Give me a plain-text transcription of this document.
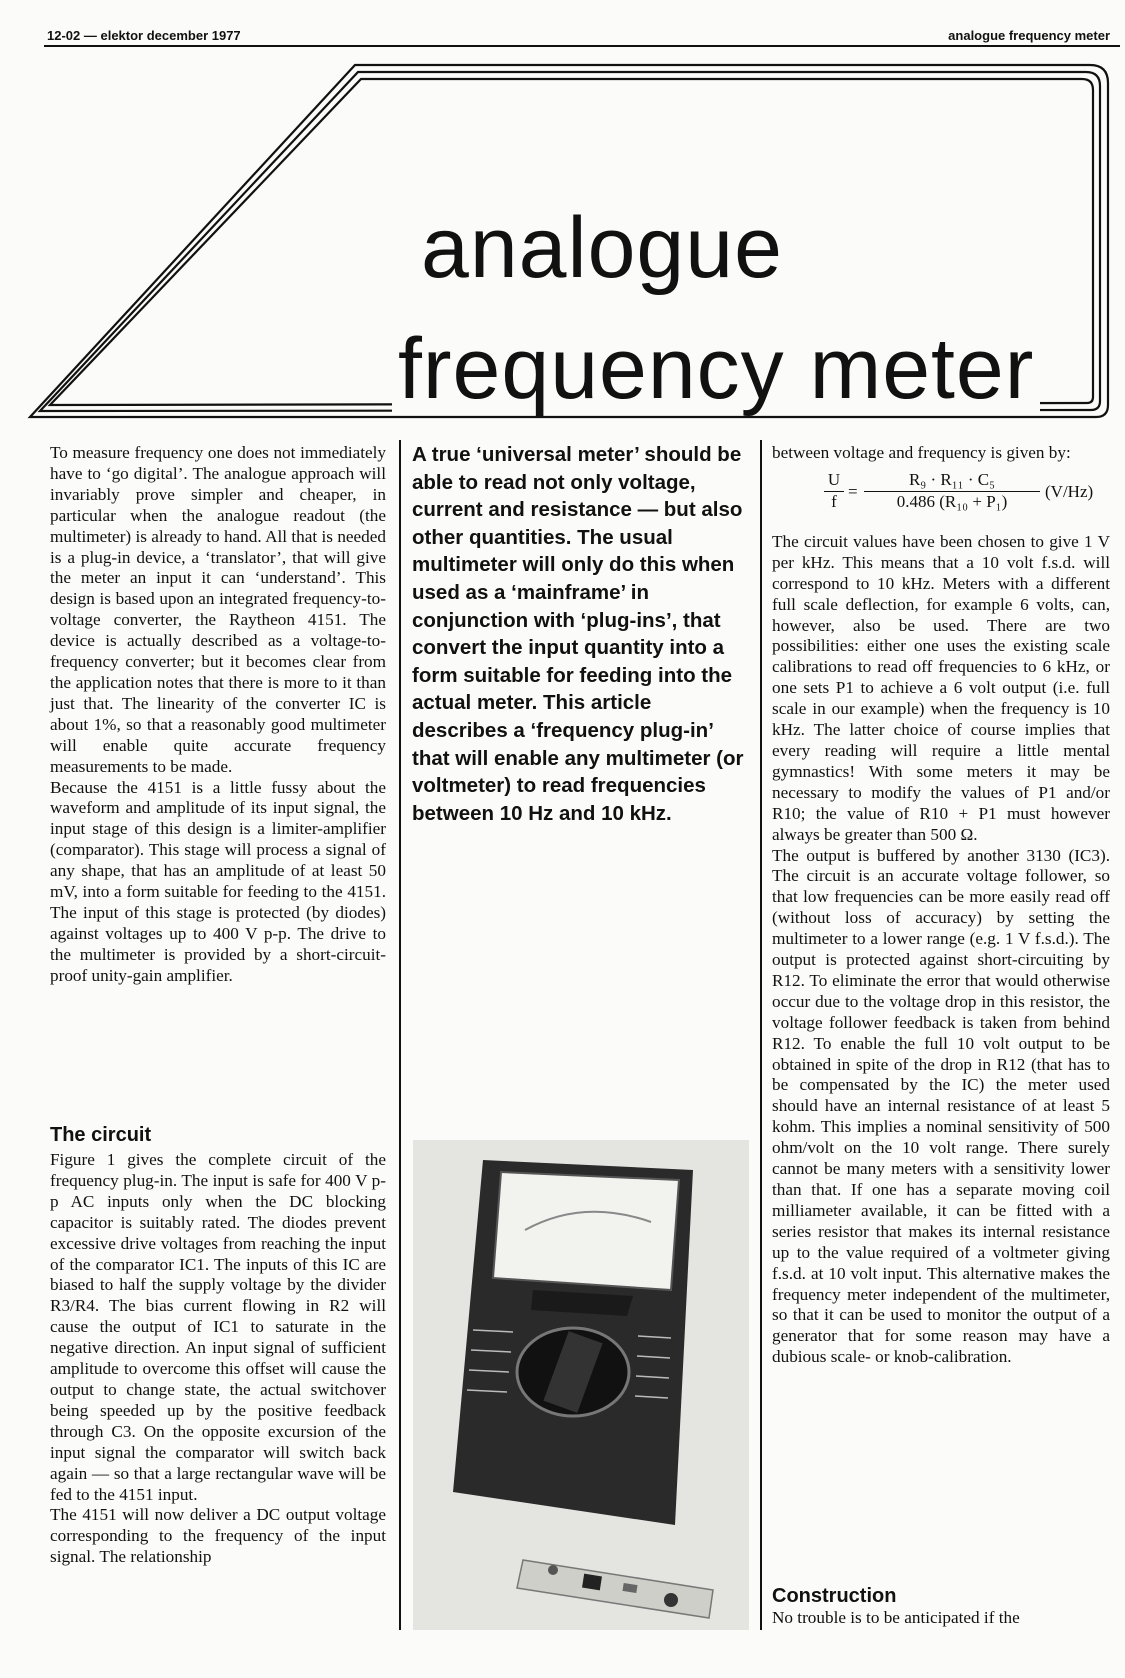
12-02 — elektor december 1977	analogue frequency meter
analogue
frequency meter

To measure frequency one does not immediately have to ‘go digital’. The analogue approach will invariably prove simpler and cheaper, in particular when the analogue readout (the multimeter) is already to hand. All that is needed is a plug-in device, a ‘translator’, that will give the meter an input it can ‘understand’. This design is based upon an integrated frequency-to-voltage converter, the Raytheon 4151. The device is actually described as a voltage-to-frequency converter; but it becomes clear from the application notes that there is more to it than just that. The linearity of the converter IC is about 1%, so that a reasonably good multimeter will enable quite accurate frequency measurements to be made.

Because the 4151 is a little fussy about the waveform and amplitude of its input signal, the input stage of this design is a limiter-amplifier (comparator). This stage will process a signal of any shape, that has an amplitude of at least 50 mV, into a form suitable for feeding to the 4151. The input of this stage is protected (by diodes) against voltages up to 400 V p-p. The drive to the multimeter is provided by a short-circuit-proof unity-gain amplifier.

The circuit

Figure 1 gives the complete circuit of the frequency plug-in. The input is safe for 400 V p-p AC inputs only when the DC blocking capacitor is suitably rated. The diodes prevent excessive drive voltages from reaching the input of the comparator IC1. The inputs of this IC are biased to half the supply voltage by the divider R3/R4. The bias current flowing in R2 will cause the output of IC1 to saturate in the negative direction. An input signal of sufficient amplitude to overcome this offset will cause the output to change state, the actual switchover being speeded up by the positive feedback through C3. On the opposite excursion of the input signal the comparator will switch back again — so that a large rectangular wave will be fed to the 4151 input.

The 4151 will now deliver a DC output voltage corresponding to the frequency of the input signal. The relationship

A true ‘universal meter’ should be able to read not only voltage, current and resistance — but also other quantities. The usual multimeter will only do this when used as a ‘mainframe’ in conjunction with ‘plug-ins’, that convert the input quantity into a form suitable for feeding into the actual meter. This article describes a ‘frequency plug-in’ that will enable any multimeter (or voltmeter) to read frequencies between 10 Hz and 10 kHz.

between voltage and frequency is given by:

$\frac{U}{f} = \frac{\text{R₉ · R₁₁ · C₅}}{\text{0.486 (R₁₀ + P₁)}} (V/Hz)$

The circuit values have been chosen to give 1 V per kHz. This means that a 10 volt f.s.d. will correspond to 10 kHz. Meters with a different full scale deflection, for example 6 volts, can, however, also be used. There are two possibilities: either one uses the existing scale calibrations to read off frequencies to 6 kHz, or one sets P1 to achieve a 6 volt output (i.e. full scale in our example) when the frequency is 10 kHz. The latter choice of course implies that every reading will require a little mental gymnastics! With some meters it may be necessary to modify the values of P1 and/or R10; the value of R10 + P1 must however always be greater than 500 Ω.

The output is buffered by another 3130 (IC3). The circuit is an accurate voltage follower, so that low frequencies can be more easily read off (without loss of accuracy) by setting the multimeter to a lower range (e.g. 1 V f.s.d.). The output is protected against short-circuiting by R12. To eliminate the error that would otherwise occur due to the voltage drop in this resistor, the voltage follower feedback is taken from behind R12. To enable the full 10 volt output to be obtained in spite of the drop in R12 (that has to be compensated by the IC) the meter used should have an internal resistance of at least 5 kohm. This implies a nominal sensitivity of 500 ohm/volt on the 10 volt range. There surely cannot be many meters with a sensitivity lower than that. If one has a separate moving coil milliameter available, it can be fitted with a series resistor that makes its internal resistance up to the value required of a voltmeter giving f.s.d. at 10 volt input. This alternative makes the frequency meter independent of the multimeter, so that it can be used to monitor the output of a generator that for some reason may have a dubious scale- or knob-calibration.

Construction

No trouble is to be anticipated if the
